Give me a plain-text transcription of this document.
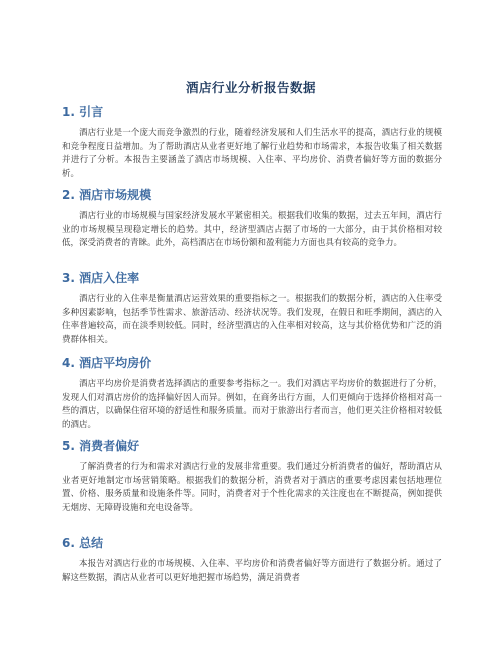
酒店行业分析报告数据
1. 引言

酒店行业是一个庞大而竞争激烈的行业，随着经济发展和人们生活水平的提高，酒店行业的规模和竞争程度日益增加。为了帮助酒店从业者更好地了解行业趋势和市场需求，本报告收集了相关数据并进行了分析。本报告主要涵盖了酒店市场规模、入住率、平均房价、消费者偏好等方面的数据分析。

2. 酒店市场规模

酒店行业的市场规模与国家经济发展水平紧密相关。根据我们收集的数据，过去五年间，酒店行业的市场规模呈现稳定增长的趋势。其中，经济型酒店占据了市场的一大部分，由于其价格相对较低，深受消费者的青睐。此外，高档酒店在市场份额和盈利能力方面也具有较高的竞争力。

3. 酒店入住率

酒店行业的入住率是衡量酒店运营效果的重要指标之一。根据我们的数据分析，酒店的入住率受多种因素影响，包括季节性需求、旅游活动、经济状况等。我们发现，在假日和旺季期间，酒店的入住率普遍较高，而在淡季则较低。同时，经济型酒店的入住率相对较高，这与其价格优势和广泛的消费群体相关。

4. 酒店平均房价

酒店平均房价是消费者选择酒店的重要参考指标之一。我们对酒店平均房价的数据进行了分析，发现人们对酒店房价的选择偏好因人而异。例如，在商务出行方面，人们更倾向于选择价格相对高一些的酒店，以确保住宿环境的舒适性和服务质量。而对于旅游出行者而言，他们更关注价格相对较低的酒店。

5. 消费者偏好

了解消费者的行为和需求对酒店行业的发展非常重要。我们通过分析消费者的偏好，帮助酒店从业者更好地制定市场营销策略。根据我们的数据分析，消费者对于酒店的重要考虑因素包括地理位置、价格、服务质量和设施条件等。同时，消费者对于个性化需求的关注度也在不断提高，例如提供无烟房、无障碍设施和充电设备等。

6. 总结

本报告对酒店行业的市场规模、入住率、平均房价和消费者偏好等方面进行了数据分析。通过了解这些数据，酒店从业者可以更好地把握市场趋势，满足消费者
